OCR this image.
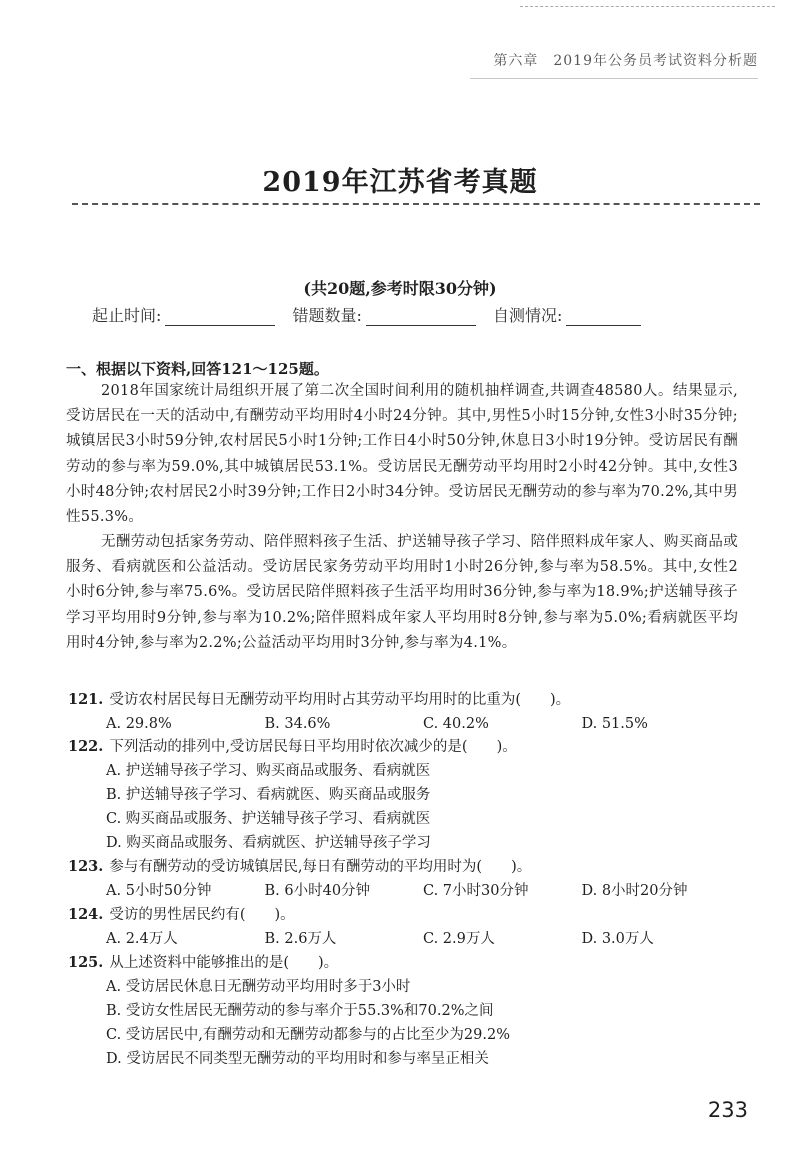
第六章　2019年公务员考试资料分析题
2019年江苏省考真题
(共20题,参考时限30分钟)
起止时间:	错题数量:	自测情况:
一、根据以下资料,回答121～125题。
2018年国家统计局组织开展了第二次全国时间利用的随机抽样调查,共调查48580人。结果显示,受访居民在一天的活动中,有酬劳动平均用时4小时24分钟。其中,男性5小时15分钟,女性3小时35分钟;城镇居民3小时59分钟,农村居民5小时1分钟;工作日4小时50分钟,休息日3小时19分钟。受访居民有酬劳动的参与率为59.0%,其中城镇居民53.1%。受访居民无酬劳动平均用时2小时42分钟。其中,女性3小时48分钟;农村居民2小时39分钟;工作日2小时34分钟。受访居民无酬劳动的参与率为70.2%,其中男性55.3%。
无酬劳动包括家务劳动、陪伴照料孩子生活、护送辅导孩子学习、陪伴照料成年家人、购买商品或服务、看病就医和公益活动。受访居民家务劳动平均用时1小时26分钟,参与率为58.5%。其中,女性2小时6分钟,参与率75.6%。受访居民陪伴照料孩子生活平均用时36分钟,参与率为18.9%;护送辅导孩子学习平均用时9分钟,参与率为10.2%;陪伴照料成年家人平均用时8分钟,参与率为5.0%;看病就医平均用时4分钟,参与率为2.2%;公益活动平均用时3分钟,参与率为4.1%。
121. 受访农村居民每日无酬劳动平均用时占其劳动平均用时的比重为(　　)。
A. 29.8%	B. 34.6%	C. 40.2%	D. 51.5%
122. 下列活动的排列中,受访居民每日平均用时依次减少的是(　　)。
A. 护送辅导孩子学习、购买商品或服务、看病就医
B. 护送辅导孩子学习、看病就医、购买商品或服务
C. 购买商品或服务、护送辅导孩子学习、看病就医
D. 购买商品或服务、看病就医、护送辅导孩子学习
123. 参与有酬劳动的受访城镇居民,每日有酬劳动的平均用时为(　　)。
A. 5小时50分钟	B. 6小时40分钟	C. 7小时30分钟	D. 8小时20分钟
124. 受访的男性居民约有(　　)。
A. 2.4万人	B. 2.6万人	C. 2.9万人	D. 3.0万人
125. 从上述资料中能够推出的是(　　)。
A. 受访居民休息日无酬劳动平均用时多于3小时
B. 受访女性居民无酬劳动的参与率介于55.3%和70.2%之间
C. 受访居民中,有酬劳动和无酬劳动都参与的占比至少为29.2%
D. 受访居民不同类型无酬劳动的平均用时和参与率呈正相关
233
